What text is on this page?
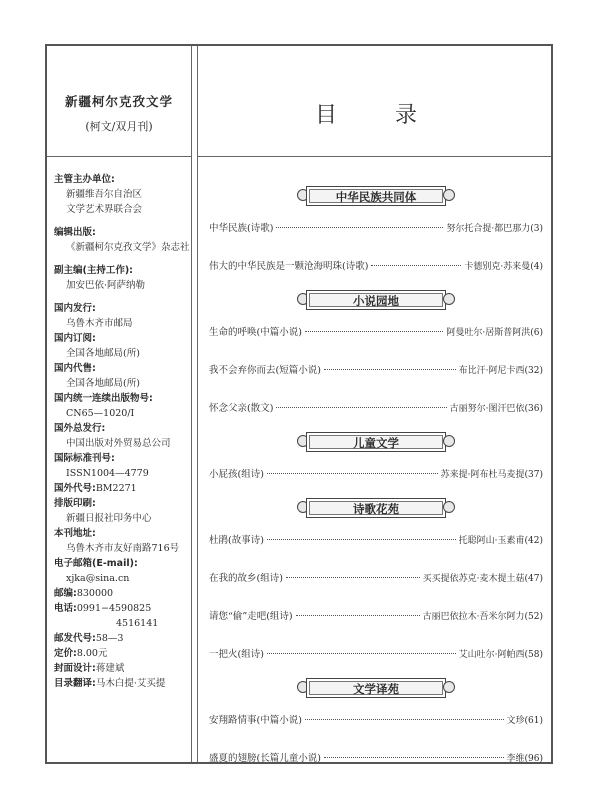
新疆柯尔克孜文学
(柯文/双月刊)	目　录
主管主办单位:
新疆维吾尔自治区
文学艺术界联合会
编辑出版:
《新疆柯尔克孜文学》杂志社
副主编(主持工作):
加安巴依·阿萨纳勒
国内发行:
乌鲁木齐市邮局
国内订阅:
全国各地邮局(所)
国内代售:
全国各地邮局(所)
国内统一连续出版物号:
CN65—1020/I
国外总发行:
中国出版对外贸易总公司
国际标准刊号:
ISSN1004—4779
国外代号:BM2271
排版印刷:
新疆日报社印务中心
本刊地址:
乌鲁木齐市友好南路716号
电子邮箱(E-mail):
xjka@sina.cn
邮编:830000
电话:0991−4590825
4516141
邮发代号:58—3
定价:8.00元
封面设计:蒋建斌
目录翻译:马木白提·艾买提
中华民族共同体
中华民族(诗歌)	努尔托合提·都巴那力(3)
伟大的中华民族是一颗沧海明珠(诗歌)	卡德别克·苏来曼(4)
小说园地
生命的呼唤(中篇小说)	阿曼吐尔·居斯普阿洪(6)
我不会弃你而去(短篇小说)	布比汗·阿尼卡西(32)
怀念父亲(散文)	古丽努尔·图汗巴依(36)
儿童文学
小屁孩(组诗)	苏来提·阿布杜马麦提(37)
诗歌花苑
杜鹃(故事诗)	托聪阿山·玉素甫(42)
在我的故乡(组诗)	买买提依苏克·麦木提土菇(47)
请您“偷”走吧(组诗)	古丽巴依拉木·吾米尔阿力(52)
一把火(组诗)	艾山吐尔·阿帕西(58)
文学译苑
安翔路情事(中篇小说)	文珍(61)
盛夏的翅膀(长篇儿童小说)	李维(96)
